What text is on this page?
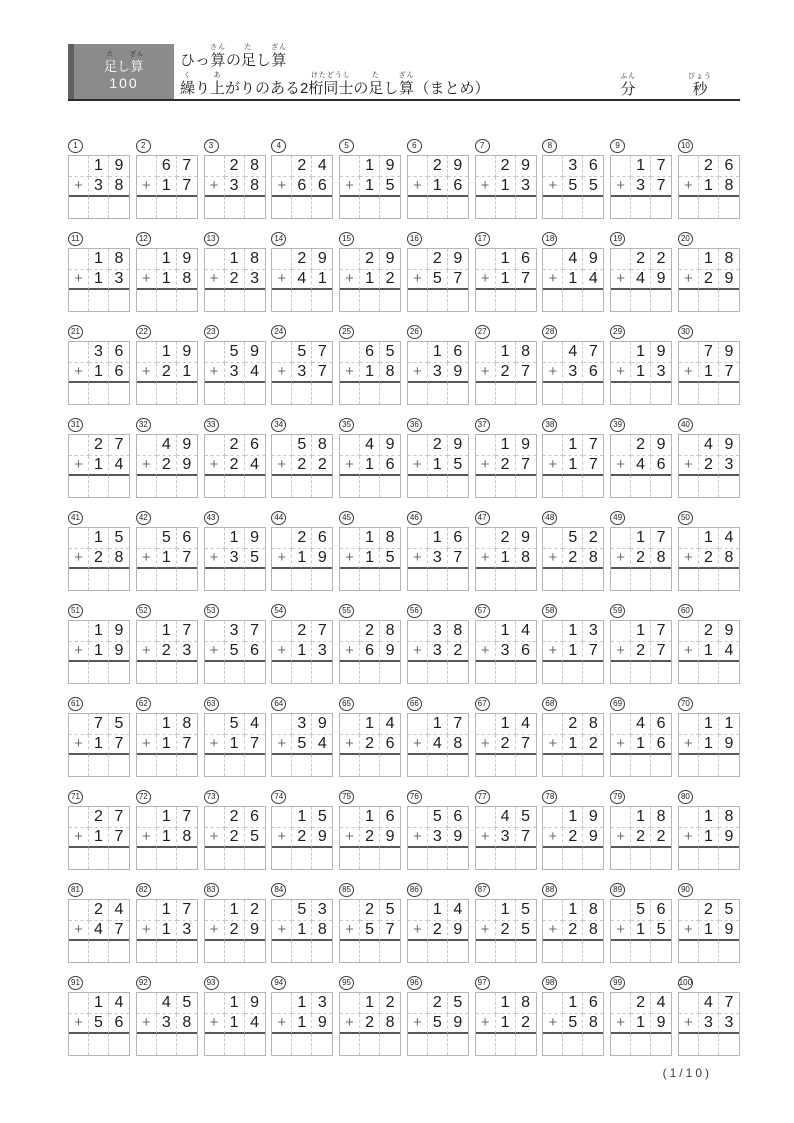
た
足
し
ざん
算
100

ひっ
さん
算
の
た
足
し
ざん
算
く
繰
り
あ
上
がりのある2
けたどうし
桁同士
の
た
足
し
ざん
算
（まとめ）
ふん
分
びょう
秒
1
1 9
+ 3 8
2
6 7
+ 1 7
3
2 8
+ 3 8
4
2 4
+ 6 6
5
1 9
+ 1 5
6
2 9
+ 1 6
7
2 9
+ 1 3
8
3 6
+ 5 5
9
1 7
+ 3 7
10
2 6
+ 1 8
11
1 8
+ 1 3
12
1 9
+ 1 8
13
1 8
+ 2 3
14
2 9
+ 4 1
15
2 9
+ 1 2
16
2 9
+ 5 7
17
1 6
+ 1 7
18
4 9
+ 1 4
19
2 2
+ 4 9
20
1 8
+ 2 9
21
3 6
+ 1 6
22
1 9
+ 2 1
23
5 9
+ 3 4
24
5 7
+ 3 7
25
6 5
+ 1 8
26
1 6
+ 3 9
27
1 8
+ 2 7
28
4 7
+ 3 6
29
1 9
+ 1 3
30
7 9
+ 1 7
31
2 7
+ 1 4
32
4 9
+ 2 9
33
2 6
+ 2 4
34
5 8
+ 2 2
35
4 9
+ 1 6
36
2 9
+ 1 5
37
1 9
+ 2 7
38
1 7
+ 1 7
39
2 9
+ 4 6
40
4 9
+ 2 3
41
1 5
+ 2 8
42
5 6
+ 1 7
43
1 9
+ 3 5
44
2 6
+ 1 9
45
1 8
+ 1 5
46
1 6
+ 3 7
47
2 9
+ 1 8
48
5 2
+ 2 8
49
1 7
+ 2 8
50
1 4
+ 2 8
51
1 9
+ 1 9
52
1 7
+ 2 3
53
3 7
+ 5 6
54
2 7
+ 1 3
55
2 8
+ 6 9
56
3 8
+ 3 2
57
1 4
+ 3 6
58
1 3
+ 1 7
59
1 7
+ 2 7
60
2 9
+ 1 4
61
7 5
+ 1 7
62
1 8
+ 1 7
63
5 4
+ 1 7
64
3 9
+ 5 4
65
1 4
+ 2 6
66
1 7
+ 4 8
67
1 4
+ 2 7
68
2 8
+ 1 2
69
4 6
+ 1 6
70
1 1
+ 1 9
71
2 7
+ 1 7
72
1 7
+ 1 8
73
2 6
+ 2 5
74
1 5
+ 2 9
75
1 6
+ 2 9
76
5 6
+ 3 9
77
4 5
+ 3 7
78
1 9
+ 2 9
79
1 8
+ 2 2
80
1 8
+ 1 9
81
2 4
+ 4 7
82
1 7
+ 1 3
83
1 2
+ 2 9
84
5 3
+ 1 8
85
2 5
+ 5 7
86
1 4
+ 2 9
87
1 5
+ 2 5
88
1 8
+ 2 8
89
5 6
+ 1 5
90
2 5
+ 1 9
91
1 4
+ 5 6
92
4 5
+ 3 8
93
1 9
+ 1 4
94
1 3
+ 1 9
95
1 2
+ 2 8
96
2 5
+ 5 9
97
1 8
+ 1 2
98
1 6
+ 5 8
99
2 4
+ 1 9
100
4 7
+ 3 3
(1/10)
